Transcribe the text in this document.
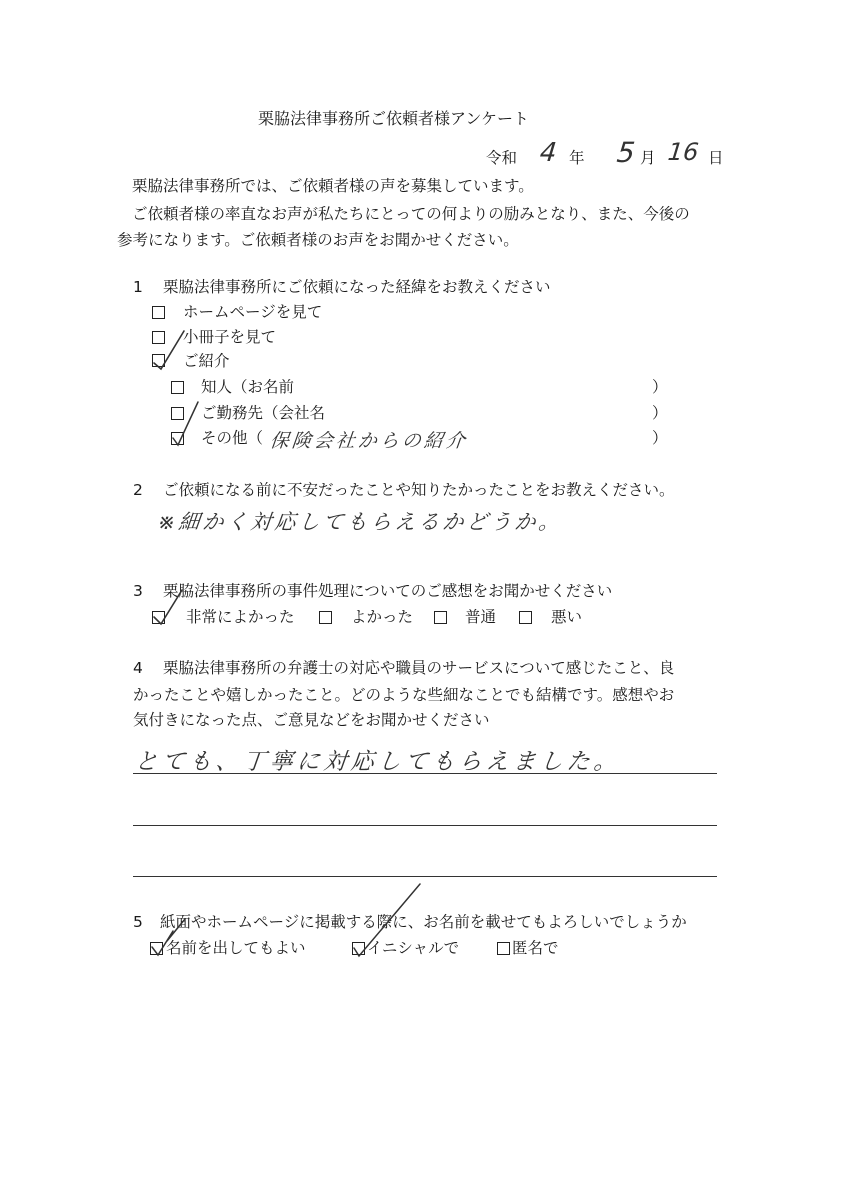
栗脇法律事務所ご依頼者様アンケート
令和 4 年 5 月 16 日
栗脇法律事務所では、ご依頼者様の声を募集しています。
ご依頼者様の率直なお声が私たちにとっての何よりの励みとなり、また、今後の
参考になります。ご依頼者様のお声をお聞かせください。
1 栗脇法律事務所にご依頼になった経緯をお教えください
ホームページを見て
小冊子を見て
ご紹介
知人（お名前	）
ご勤務先（会社名	）
その他（ 保険会社からの紹介	）
2 ご依頼になる前に不安だったことや知りたかったことをお教えください。
※細かく対応してもらえるかどうか。
3 栗脇法律事務所の事件処理についてのご感想をお聞かせください
非常によかった	よかった	普通	悪い
4 栗脇法律事務所の弁護士の対応や職員のサービスについて感じたこと、良
かったことや嬉しかったこと。どのような些細なことでも結構です。感想やお
気付きになった点、ご意見などをお聞かせください
とても、丁寧に対応してもらえました。
5 紙面やホームページに掲載する際に、お名前を載せてもよろしいでしょうか
名前を出してもよい	イニシャルで	匿名で
